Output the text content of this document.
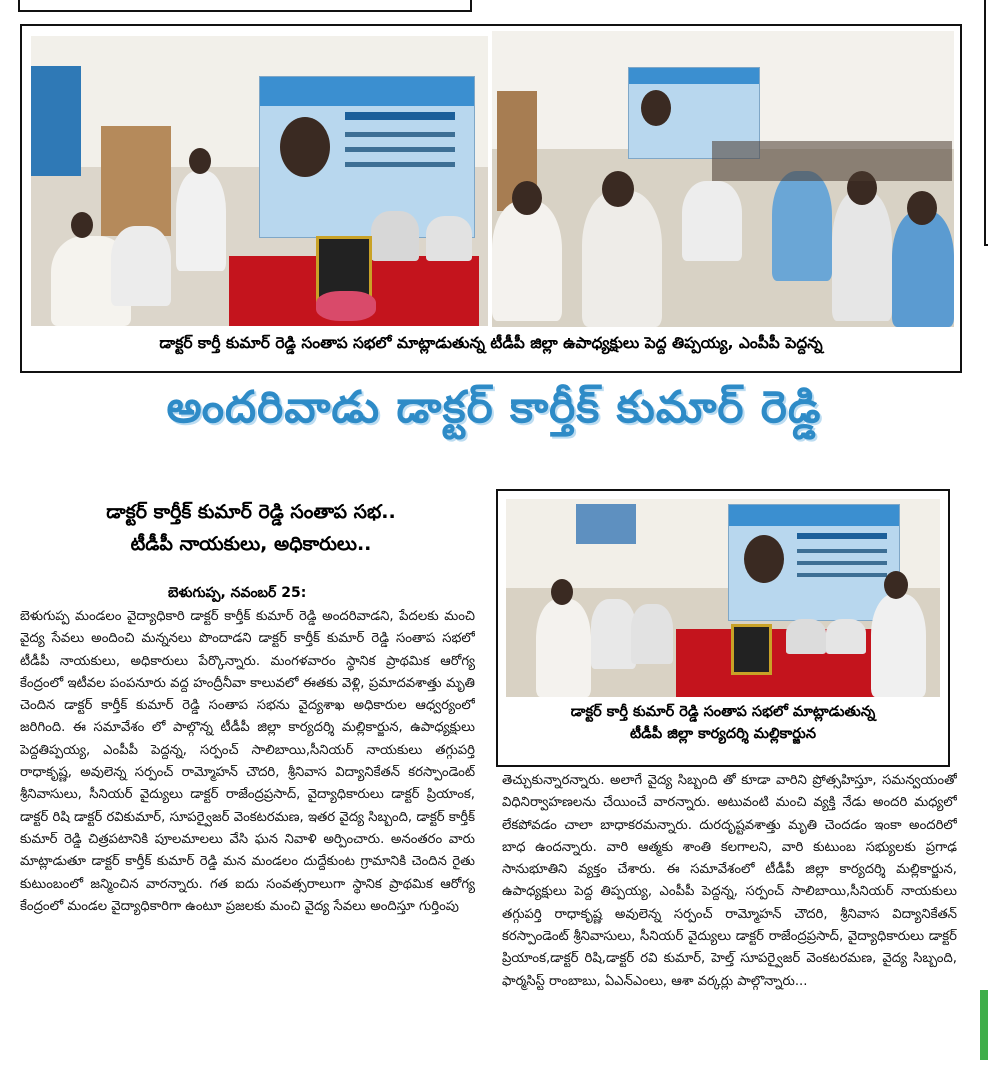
డాక్టర్ కార్తీ కుమార్ రెడ్డి సంతాప సభలో మాట్లాడుతున్న టీడీపీ జిల్లా ఉపాధ్యక్షులు పెద్ద తిప్పయ్య, ఎంపీపీ పెద్దన్న
అందరివాడు డాక్టర్ కార్తీక్ కుమార్ రెడ్డి
డాక్టర్ కార్తీక్ కుమార్ రెడ్డి సంతాప సభ..
టీడీపీ నాయకులు, అధికారులు..
బెళుగుప్ప, నవంబర్ 25:
బెళుగుప్ప మండలం వైద్యాధికారి డాక్టర్ కార్తీక్ కుమార్ రెడ్డి అందరివాడని, పేదలకు మంచి వైద్య సేవలు అందించి మన్ననలు పొందాడని డాక్టర్ కార్తీక్ కుమార్ రెడ్డి సంతాప సభలో టీడీపీ నాయకులు, అధికారులు పేర్కొన్నారు. మంగళవారం స్థానిక ప్రాథమిక ఆరోగ్య కేంద్రంలో ఇటీవల పంపనూరు వద్ద హంద్రీనీవా కాలువలో ఈతకు వెళ్లి, ప్రమాదవశాత్తు మృతి చెందిన డాక్టర్ కార్తీక్ కుమార్ రెడ్డి సంతాప సభను వైద్యశాఖ అధికారుల ఆధ్వర్యంలో జరిగింది. ఈ సమావేశం లో పాల్గొన్న టీడీపీ జిల్లా కార్యదర్శి మల్లికార్జున, ఉపాధ్యక్షులు పెద్దతిప్పయ్య, ఎంపీపీ పెద్దన్న, సర్పంచ్ సాలిబాయి,సీనియర్ నాయకులు తగ్గుపర్తి రాధాకృష్ణ, అవులెన్న సర్పంచ్ రామ్మోహన్ చౌదరి, శ్రీనివాస విద్యానికేతన్ కరస్పాండెంట్ శ్రీనివాసులు, సీనియర్ వైద్యులు డాక్టర్ రాజేంద్రప్రసాద్, వైద్యాధికారులు డాక్టర్ ప్రియాంక, డాక్టర్ రిషి డాక్టర్ రవికుమార్, సూపర్వైజర్ వెంకటరమణ, ఇతర వైద్య సిబ్బంది, డాక్టర్ కార్తీక్ కుమార్ రెడ్డి చిత్రపటానికి పూలమాలలు వేసి ఘన నివాళి అర్పించారు. అనంతరం వారు మాట్లాడుతూ డాక్టర్ కార్తీక్ కుమార్ రెడ్డి మన మండలం దుద్దేకుంట గ్రామానికి చెందిన రైతు కుటుంబంలో జన్మించిన వారన్నారు. గత ఐదు సంవత్సరాలుగా స్థానిక ప్రాథమిక ఆరోగ్య కేంద్రంలో మండల వైద్యాధికారిగా ఉంటూ ప్రజలకు మంచి వైద్య సేవలు అందిస్తూ గుర్తింపు
డాక్టర్ కార్తీ కుమార్ రెడ్డి సంతాప సభలో మాట్లాడుతున్న
టీడీపీ జిల్లా కార్యదర్శి మల్లికార్జున
తెచ్చుకున్నారన్నారు. అలాగే వైద్య సిబ్బంది తో కూడా వారిని ప్రోత్సహిస్తూ, సమన్వయంతో విధినిర్వాహణలను చేయించే వారన్నారు. అటువంటి మంచి వ్యక్తి నేడు అందరి మధ్యలో లేకపోవడం చాలా బాధాకరమన్నారు. దురదృష్టవశాత్తు మృతి చెందడం ఇంకా అందరిలో బాధ ఉందన్నారు. వారి ఆత్మకు శాంతి కలగాలని, వారి కుటుంబ సభ్యులకు ప్రగాఢ సానుభూతిని వ్యక్తం చేశారు. ఈ సమావేశంలో టీడీపీ జిల్లా కార్యదర్శి మల్లికార్జున, ఉపాధ్యక్షులు పెద్ద తిప్పయ్య, ఎంపీపీ పెద్దన్న, సర్పంచ్ సాలిబాయి,సీనియర్ నాయకులు తగ్గుపర్తి రాధాకృష్ణ అవులెన్న సర్పంచ్ రామ్మోహన్ చౌదరి, శ్రీనివాస విద్యానికేతన్ కరస్పాండెంట్ శ్రీనివాసులు, సీనియర్ వైద్యులు డాక్టర్ రాజేంద్రప్రసాద్, వైద్యాధికారులు డాక్టర్ ప్రియాంక,డాక్టర్ రిషి,డాక్టర్ రవి కుమార్, హెల్త్ సూపర్వైజర్ వెంకటరమణ, వైద్య సిబ్బంది, ఫార్మసిస్ట్ రాంబాబు, ఏఎన్ఎంలు, ఆశా వర్కర్లు పాల్గొన్నారు...
